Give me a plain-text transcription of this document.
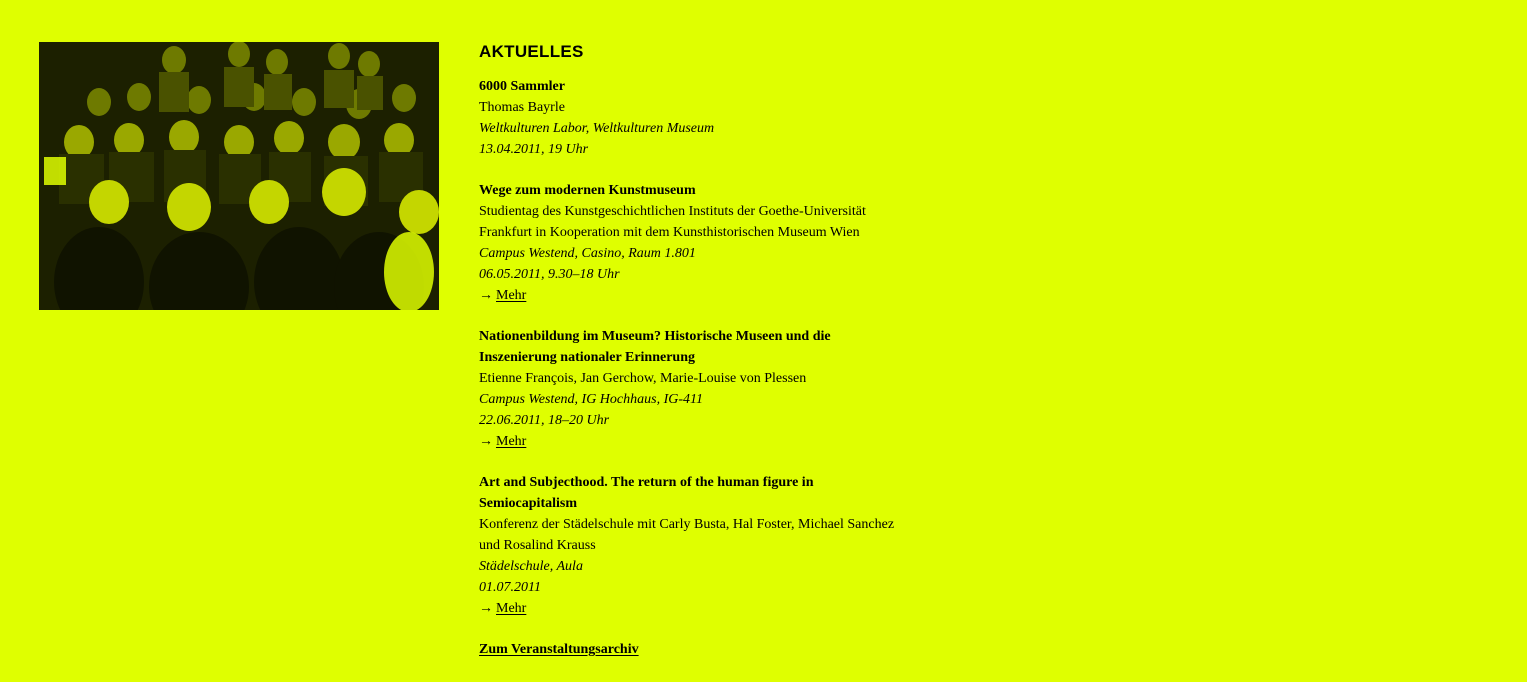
AKTUELLES
6000 Sammler
Thomas Bayrle
Weltkulturen Labor, Weltkulturen Museum
13.04.2011, 19 Uhr
Wege zum modernen Kunstmuseum
Studientag des Kunstgeschichtlichen Instituts der Goethe-Universität
Frankfurt in Kooperation mit dem Kunsthistorischen Museum Wien
Campus Westend, Casino, Raum 1.801
06.05.2011, 9.30–18 Uhr
→ Mehr
Nationenbildung im Museum? Historische Museen und die
Inszenierung nationaler Erinnerung
Etienne François, Jan Gerchow, Marie-Louise von Plessen
Campus Westend, IG Hochhaus, IG-411
22.06.2011, 18–20 Uhr
→ Mehr
Art and Subjecthood. The return of the human figure in
Semiocapitalism
Konferenz der Städelschule mit Carly Busta, Hal Foster, Michael Sanchez
und Rosalind Krauss
Städelschule, Aula
01.07.2011
→ Mehr
Zum Veranstaltungsarchiv
